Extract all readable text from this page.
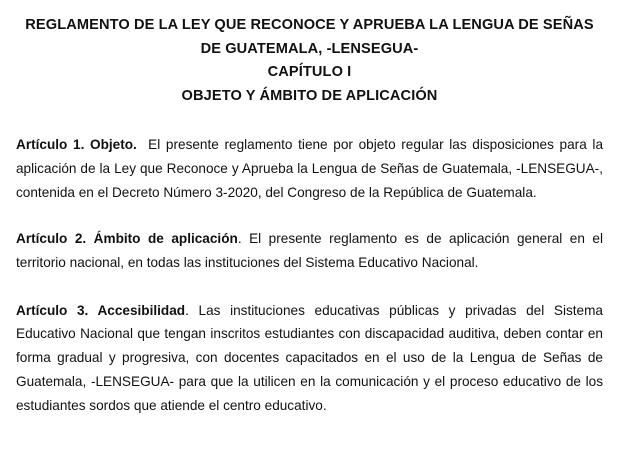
REGLAMENTO DE LA LEY QUE RECONOCE Y APRUEBA LA LENGUA DE SEÑAS
DE GUATEMALA, -LENSEGUA-
CAPÍTULO I
OBJETO Y ÁMBITO DE APLICACIÓN

Artículo 1. Objeto. El presente reglamento tiene por objeto regular las disposiciones para la aplicación de la Ley que Reconoce y Aprueba la Lengua de Señas de Guatemala, -LENSEGUA-, contenida en el Decreto Número 3-2020, del Congreso de la República de Guatemala.

Artículo 2. Ámbito de aplicación. El presente reglamento es de aplicación general en el territorio nacional, en todas las instituciones del Sistema Educativo Nacional.

Artículo 3. Accesibilidad. Las instituciones educativas públicas y privadas del Sistema Educativo Nacional que tengan inscritos estudiantes con discapacidad auditiva, deben contar en forma gradual y progresiva, con docentes capacitados en el uso de la Lengua de Señas de Guatemala, -LENSEGUA- para que la utilicen en la comunicación y el proceso educativo de los estudiantes sordos que atiende el centro educativo.
